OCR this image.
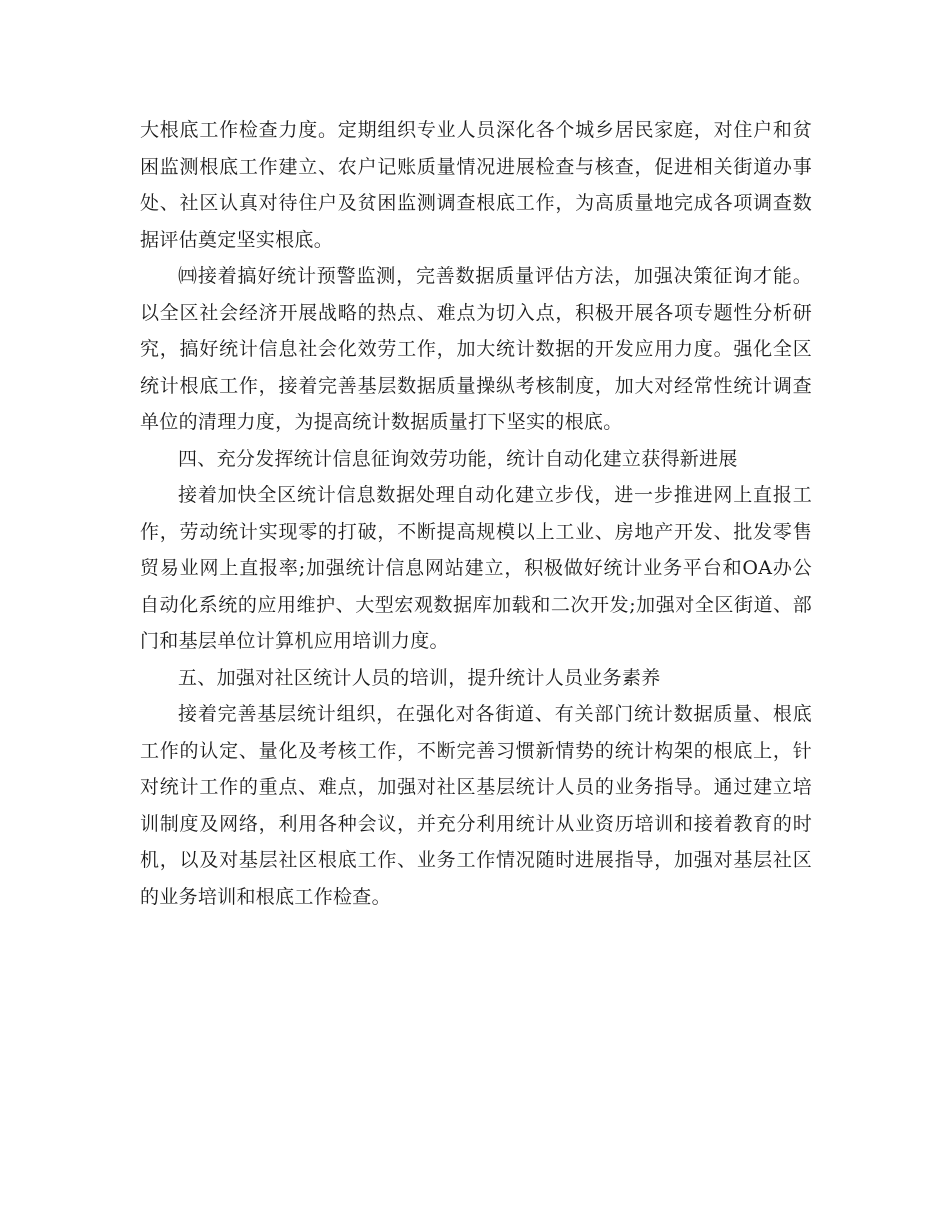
大根底工作检查力度。定期组织专业人员深化各个城乡居民家庭，对住户和贫困监测根底工作建立、农户记账质量情况进展检查与核查，促进相关街道办事处、社区认真对待住户及贫困监测调查根底工作，为高质量地完成各项调查数据评估奠定坚实根底。

㈣接着搞好统计预警监测，完善数据质量评估方法，加强决策征询才能。以全区社会经济开展战略的热点、难点为切入点，积极开展各项专题性分析研究，搞好统计信息社会化效劳工作，加大统计数据的开发应用力度。强化全区统计根底工作，接着完善基层数据质量操纵考核制度，加大对经常性统计调查单位的清理力度，为提高统计数据质量打下坚实的根底。

四、充分发挥统计信息征询效劳功能，统计自动化建立获得新进展

接着加快全区统计信息数据处理自动化建立步伐，进一步推进网上直报工作，劳动统计实现零的打破，不断提高规模以上工业、房地产开发、批发零售贸易业网上直报率;加强统计信息网站建立，积极做好统计业务平台和OA办公自动化系统的应用维护、大型宏观数据库加载和二次开发;加强对全区街道、部门和基层单位计算机应用培训力度。

五、加强对社区统计人员的培训，提升统计人员业务素养

接着完善基层统计组织，在强化对各街道、有关部门统计数据质量、根底工作的认定、量化及考核工作，不断完善习惯新情势的统计构架的根底上，针对统计工作的重点、难点，加强对社区基层统计人员的业务指导。通过建立培训制度及网络，利用各种会议，并充分利用统计从业资历培训和接着教育的时机，以及对基层社区根底工作、业务工作情况随时进展指导，加强对基层社区的业务培训和根底工作检查。
